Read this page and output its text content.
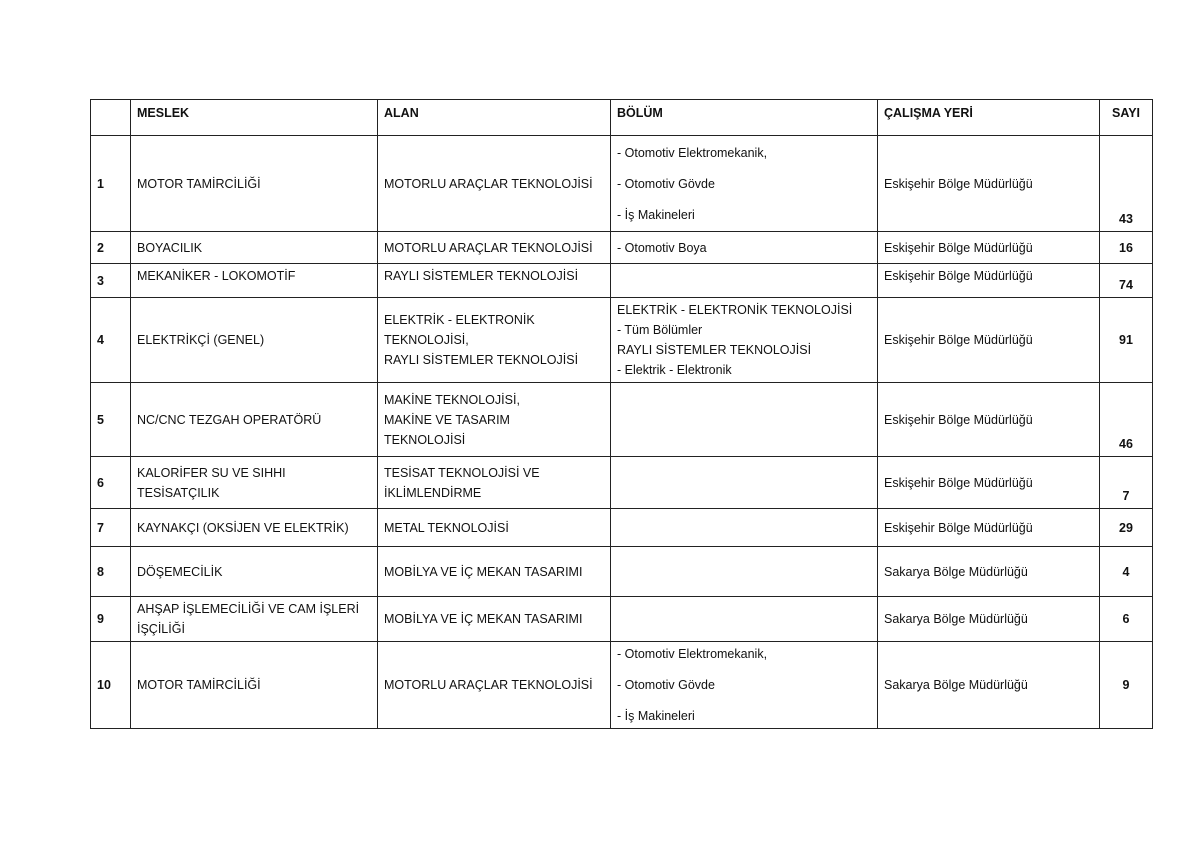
	MESLEK	ALAN	BÖLÜM	ÇALIŞMA YERİ	SAYI
1	MOTOR TAMİRCİLİĞİ	MOTORLU ARAÇLAR TEKNOLOJİSİ	- Otomotiv Elektromekanik,
- Otomotiv Gövde
- İş Makineleri	Eskişehir Bölge Müdürlüğü	43
2	BOYACILIK	MOTORLU ARAÇLAR TEKNOLOJİSİ	- Otomotiv Boya	Eskişehir Bölge Müdürlüğü	16
3	MEKANİKER - LOKOMOTİF	RAYLI SİSTEMLER TEKNOLOJİSİ		Eskişehir Bölge Müdürlüğü	74
4	ELEKTRİKÇİ (GENEL)	ELEKTRİK - ELEKTRONİK
TEKNOLOJİSİ,
RAYLI SİSTEMLER TEKNOLOJİSİ	ELEKTRİK - ELEKTRONİK TEKNOLOJİSİ
- Tüm Bölümler
RAYLI SİSTEMLER TEKNOLOJİSİ
- Elektrik - Elektronik	Eskişehir Bölge Müdürlüğü	91
5	NC/CNC TEZGAH OPERATÖRÜ	MAKİNE TEKNOLOJİSİ,
MAKİNE VE TASARIM
TEKNOLOJİSİ		Eskişehir Bölge Müdürlüğü	46
6	KALORİFER SU VE SIHHI
TESİSATÇILIK	TESİSAT TEKNOLOJİSİ VE
İKLİMLENDİRME		Eskişehir Bölge Müdürlüğü	7
7	KAYNAKÇI (OKSİJEN VE ELEKTRİK)	METAL TEKNOLOJİSİ		Eskişehir Bölge Müdürlüğü	29
8	DÖŞEMECİLİK	MOBİLYA VE İÇ MEKAN TASARIMI		Sakarya Bölge Müdürlüğü	4
9	AHŞAP İŞLEMECİLİĞİ VE CAM İŞLERİ
İŞÇİLİĞİ	MOBİLYA VE İÇ MEKAN TASARIMI		Sakarya Bölge Müdürlüğü	6
10	MOTOR TAMİRCİLİĞİ	MOTORLU ARAÇLAR TEKNOLOJİSİ	- Otomotiv Elektromekanik,
- Otomotiv Gövde
- İş Makineleri	Sakarya Bölge Müdürlüğü	9
